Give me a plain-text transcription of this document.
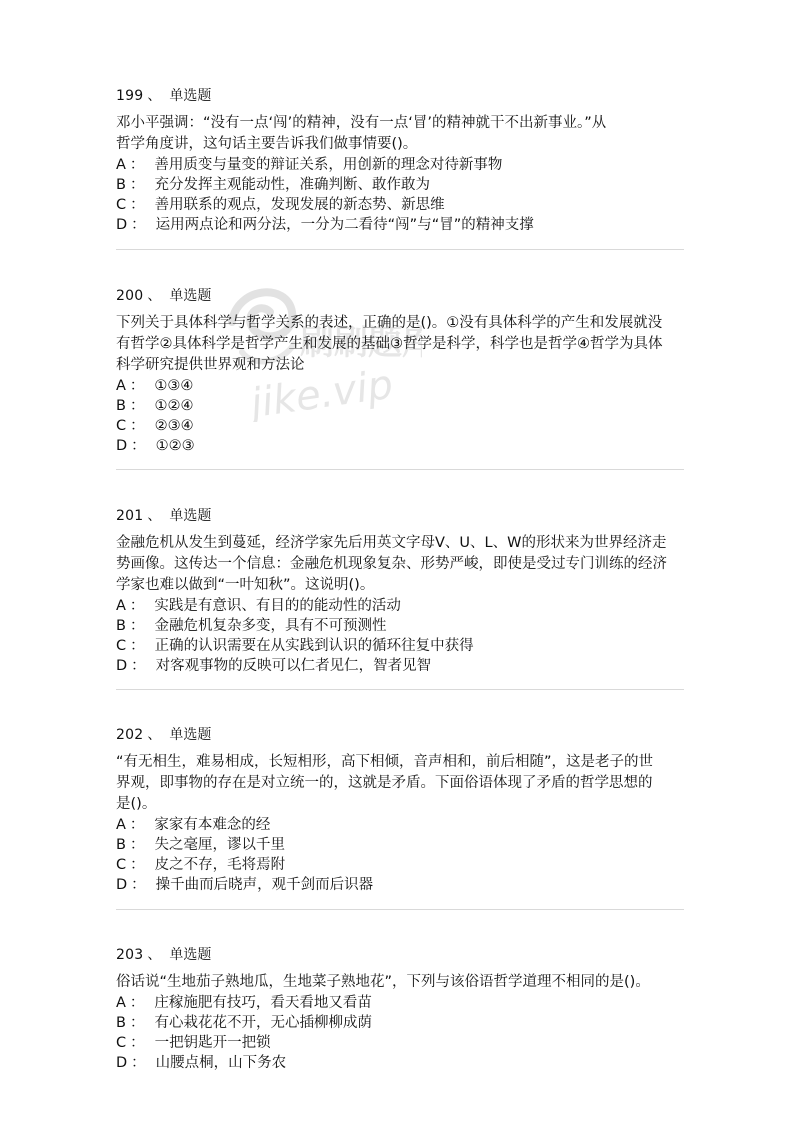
刷刷题库
jike.vip
199 、 单选题
邓小平强调：“没有一点‘闯’的精神，没有一点‘冒’的精神就干不出新事业。”从
哲学角度讲，这句话主要告诉我们做事情要()。
A ： 善用质变与量变的辩证关系，用创新的理念对待新事物
B ： 充分发挥主观能动性，准确判断、敢作敢为
C ： 善用联系的观点，发现发展的新态势、新思维
D ： 运用两点论和两分法，一分为二看待“闯”与“冒”的精神支撑
200 、 单选题
下列关于具体科学与哲学关系的表述，正确的是()。①没有具体科学的产生和发展就没
有哲学②具体科学是哲学产生和发展的基础③哲学是科学，科学也是哲学④哲学为具体
科学研究提供世界观和方法论
A ： ①③④
B ： ①②④
C ： ②③④
D ： ①②③
201 、 单选题
金融危机从发生到蔓延，经济学家先后用英文字母V、U、L、W的形状来为世界经济走
势画像。这传达一个信息：金融危机现象复杂、形势严峻，即使是受过专门训练的经济
学家也难以做到“一叶知秋”。这说明()。
A ： 实践是有意识、有目的的能动性的活动
B ： 金融危机复杂多变，具有不可预测性
C ： 正确的认识需要在从实践到认识的循环往复中获得
D ： 对客观事物的反映可以仁者见仁，智者见智
202 、 单选题
“有无相生，难易相成，长短相形，高下相倾，音声相和，前后相随”，这是老子的世
界观，即事物的存在是对立统一的，这就是矛盾。下面俗语体现了矛盾的哲学思想的
是()。
A ： 家家有本难念的经
B ： 失之毫厘，谬以千里
C ： 皮之不存，毛将焉附
D ： 操千曲而后晓声，观千剑而后识器
203 、 单选题
俗话说“生地茄子熟地瓜，生地菜子熟地花”，下列与该俗语哲学道理不相同的是()。
A ： 庄稼施肥有技巧，看天看地又看苗
B ： 有心栽花花不开，无心插柳柳成荫
C ： 一把钥匙开一把锁
D ： 山腰点桐，山下务农
